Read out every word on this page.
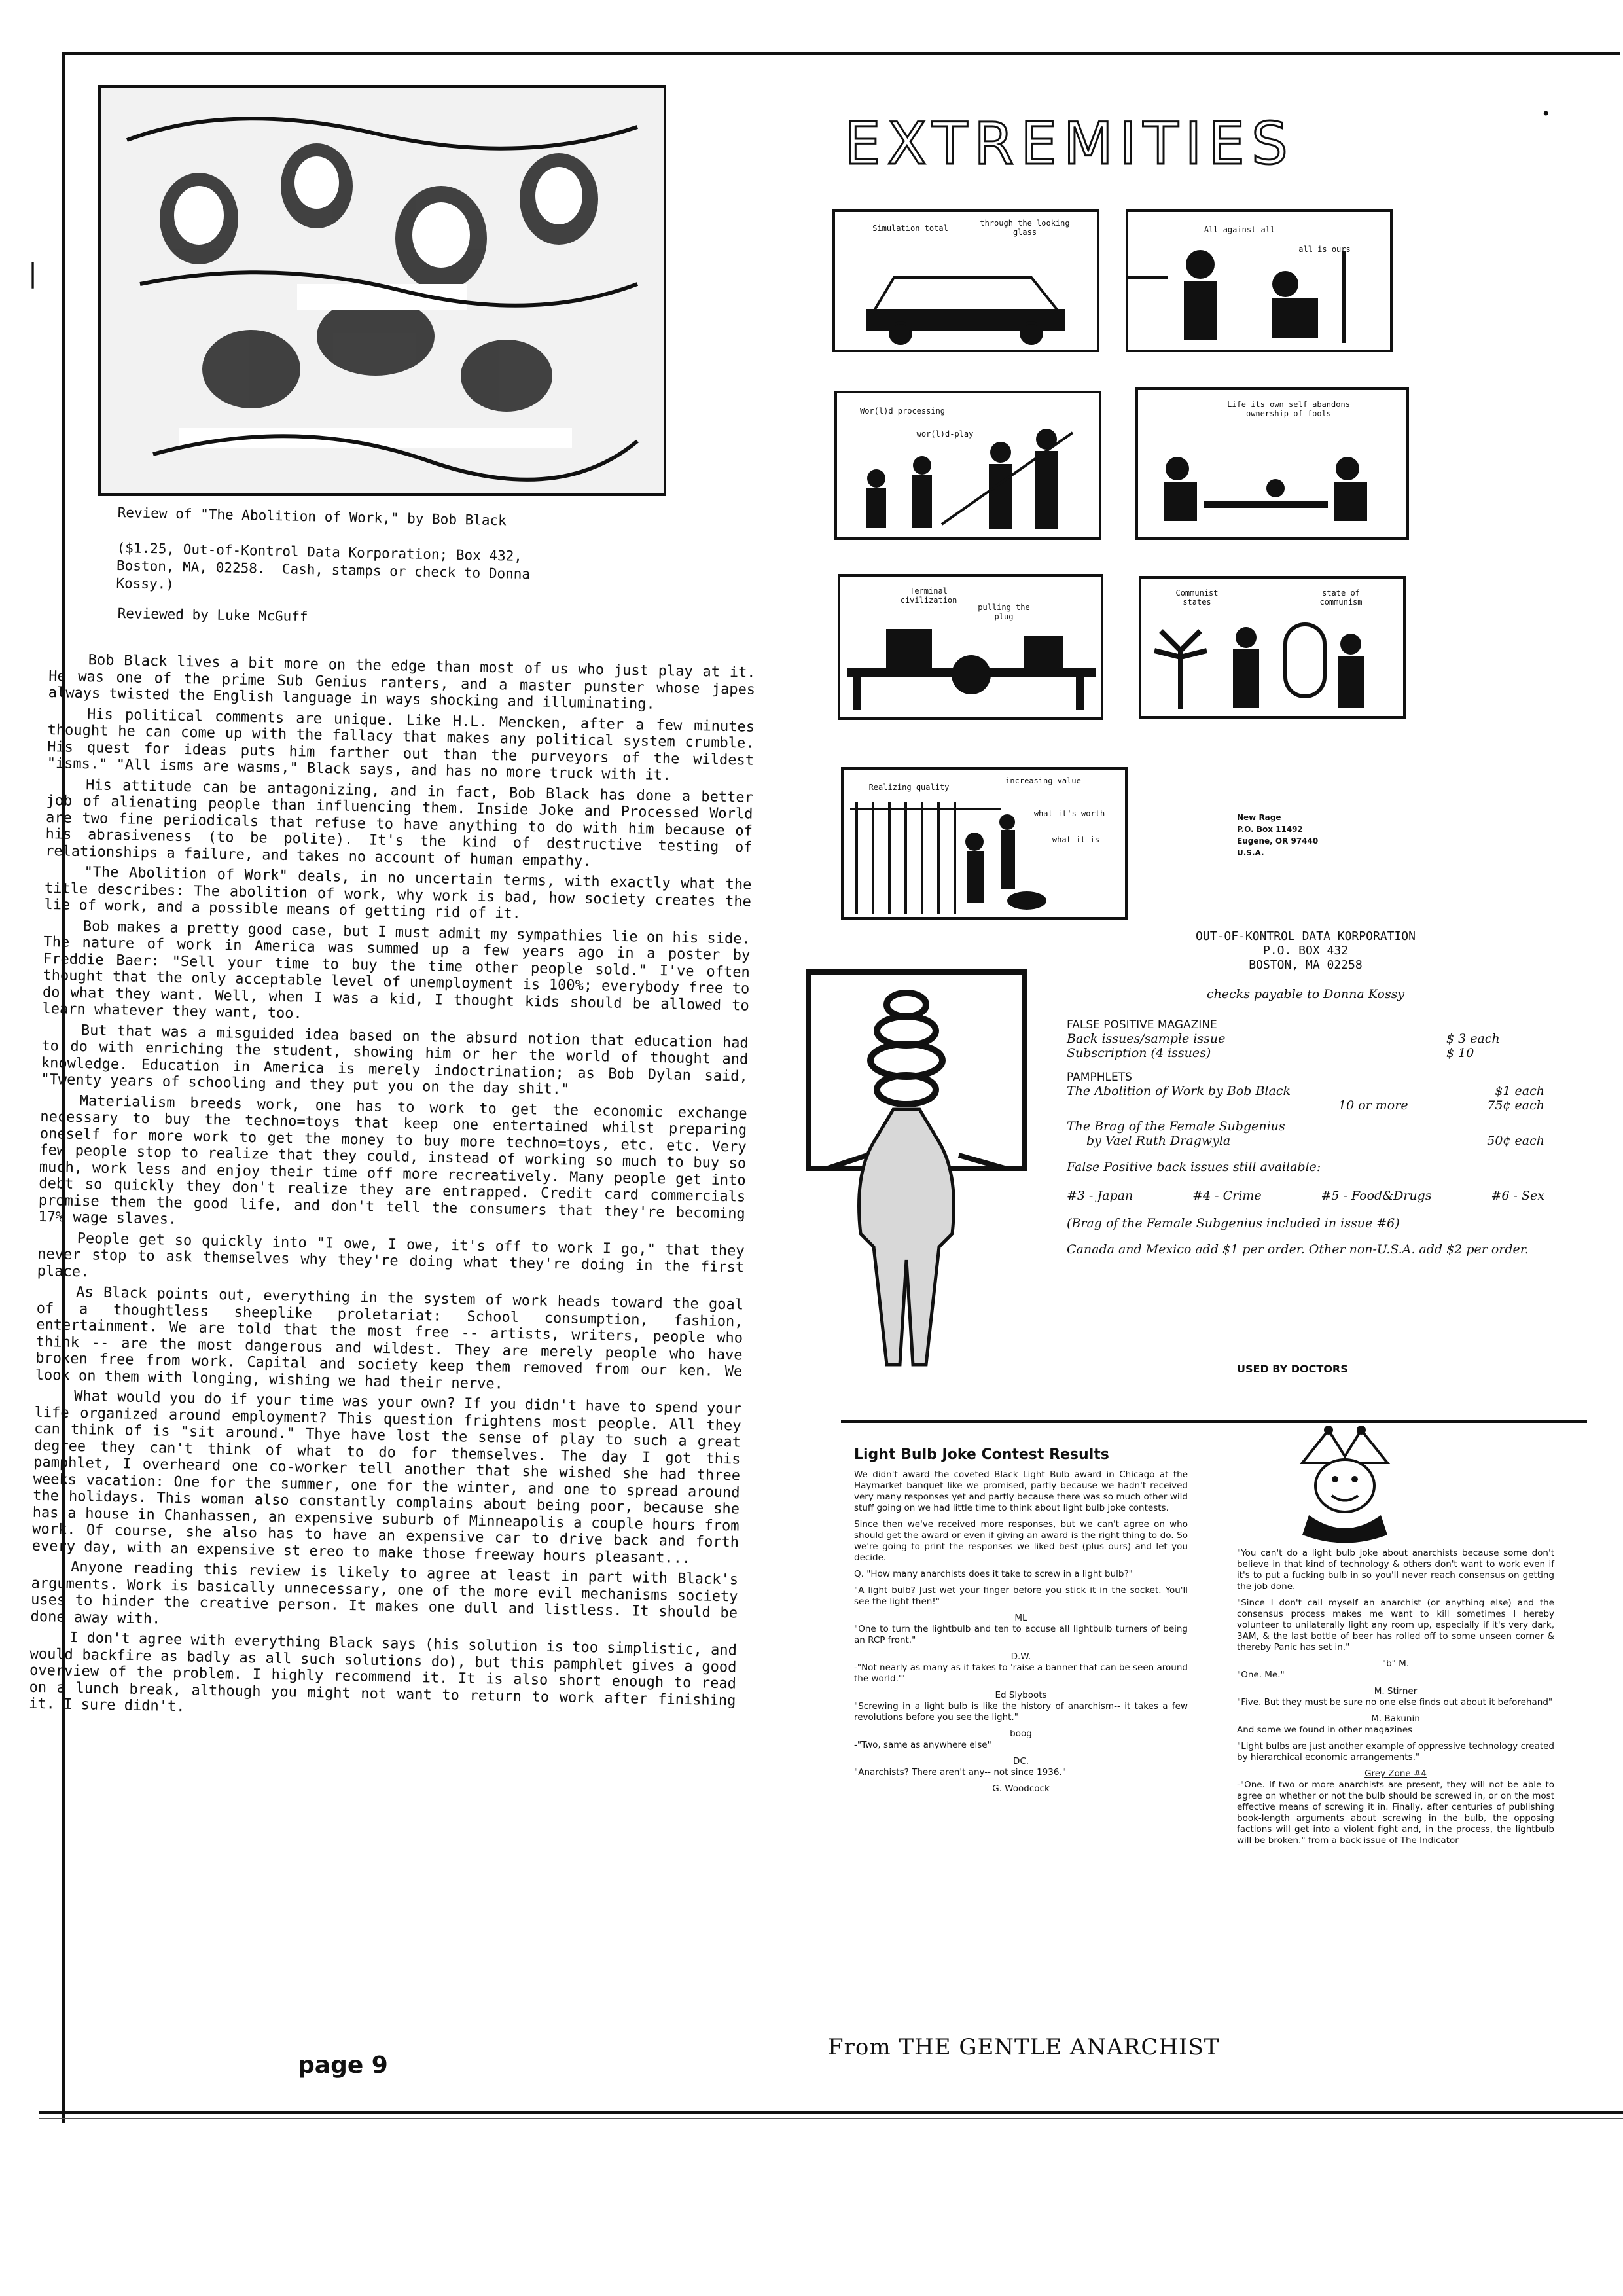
|
•
Review of "The Abolition of Work," by Bob Black

($1.25, Out-of-Kontrol Data Korporation; Box 432,
Boston, MA, 02258.  Cash, stamps or check to Donna
Kossy.)
Reviewed by Luke McGuff

Bob Black lives a bit more on the edge than most of us who just play at it. He was one of the prime Sub Genius ranters, and a master punster whose japes always twisted the English language in ways shocking and illuminating.

His political comments are unique. Like H.L. Mencken, after a few minutes thought he can come up with the fallacy that makes any political system crumble. His quest for ideas puts him farther out than the purveyors of the wildest "isms." "All isms are wasms," Black says, and has no more truck with it.

His attitude can be antagonizing, and in fact, Bob Black has done a better job of alienating people than influencing them. Inside Joke and Processed World are two fine periodicals that refuse to have anything to do with him because of his abrasiveness (to be polite). It's the kind of destructive testing of relationships a failure, and takes no account of human empathy.

"The Abolition of Work" deals, in no uncertain terms, with exactly what the title describes: The abolition of work, why work is bad, how society creates the lie of work, and a possible means of getting rid of it.

Bob makes a pretty good case, but I must admit my sympathies lie on his side. The nature of work in America was summed up a few years ago in a poster by Freddie Baer: "Sell your time to buy the time other people sold." I've often thought that the only acceptable level of unemployment is 100%; everybody free to do what they want. Well, when I was a kid, I thought kids should be allowed to learn whatever they want, too.

But that was a misguided idea based on the absurd notion that education had to do with enriching the student, showing him or her the world of thought and knowledge. Education in America is merely indoctrination; as Bob Dylan said, "Twenty years of schooling and they put you on the day shit."

Materialism breeds work, one has to work to get the economic exchange necessary to buy the techno=toys that keep one entertained whilst preparing oneself for more work to get the money to buy more techno=toys, etc. etc. Very few people stop to realize that they could, instead of working so much to buy so much, work less and enjoy their time off more recreatively. Many people get into debt so quickly they don't realize they are entrapped. Credit card commercials promise them the good life, and don't tell the consumers that they're becoming 17% wage slaves.

People get so quickly into "I owe, I owe, it's off to work I go," that they never stop to ask themselves why they're doing what they're doing in the first place.

As Black points out, everything in the system of work heads toward the goal of a thoughtless sheeplike proletariat: School consumption, fashion, entertainment. We are told that the most free -- artists, writers, people who think -- are the most dangerous and wildest. They are merely people who have broken free from work. Capital and society keep them removed from our ken. We look on them with longing, wishing we had their nerve.

What would you do if your time was your own? If you didn't have to spend your life organized around employment? This question frightens most people. All they can think of is "sit around." Thye have lost the sense of play to such a great degree they can't think of what to do for themselves. The day I got this pamphlet, I overheard one co-worker tell another that she wished she had three weeks vacation: One for the summer, one for the winter, and one to spread around the holidays. This woman also constantly complains about being poor, because she has a house in Chanhassen, an expensive suburb of Minneapolis a couple hours from work. Of course, she also has to have an expensive car to drive back and forth every day, with an expensive st ereo to make those freeway hours pleasant...

Anyone reading this review is likely to agree at least in part with Black's arguments. Work is basically unnecessary, one of the more evil mechanisms society uses to hinder the creative person. It makes one dull and listless. It should be done away with.

I don't agree with everything Black says (his solution is too simplistic, and would backfire as badly as all such solutions do), but this pamphlet gives a good overview of the problem. I highly recommend it. It is also short enough to read on a lunch break, although you might not want to return to work after finishing it. I sure didn't.

page 9
EXTREMITIES
Simulation total
through the looking glass	All against all
all is ours
Wor(l)d processing
wor(l)d-play
Life its own self abandons ownership of fools
Terminal civilization
pulling the plug
Communist states
state of communism
Realizing quality
increasing value
what it's worth
what it is
New Rage
P.O. Box 11492
Eugene, OR 97440
U.S.A.
OUT-OF-KONTROL DATA KORPORATION
P.O. BOX 432
BOSTON, MA 02258
checks payable to Donna Kossy
FALSE POSITIVE MAGAZINE
Back issues/sample issue	$ 3 each
Subscription (4 issues)	$ 10
PAMPHLETS
The Abolition of Work by Bob Black	$1 each
10 or more	75¢ each
The Brag of the Female Subgenius
by Vael Ruth Dragwyla	50¢ each
False Positive back issues still available:
#3 - Japan	#4 - Crime	#5 - Food&Drugs	#6 - Sex
(Brag of the Female Subgenius included in issue #6)
Canada and Mexico add $1 per order. Other non-U.S.A. add $2 per order.
USED BY DOCTORS
Light Bulb Joke Contest Results

We didn't award the coveted Black Light Bulb award in Chicago at the Haymarket banquet like we promised, partly because we hadn't received very many responses yet and partly because there was so much other wild stuff going on we had little time to think about light bulb joke contests.

Since then we've received more responses, but we can't agree on who should get the award or even if giving an award is the right thing to do. So we're going to print the responses we liked best (plus ours) and let you decide.

Q. "How many anarchists does it take to screw in a light bulb?"

"A light bulb? Just wet your finger before you stick it in the socket. You'll see the light then!"

ML

"One to turn the lightbulb and ten to accuse all lightbulb turners of being an RCP front."

D.W.

-"Not nearly as many as it takes to 'raise a banner that can be seen around the world.'"

Ed Slyboots

"Screwing in a light bulb is like the history of anarchism-- it takes a few revolutions before you see the light."

boog

-"Two, same as anywhere else"

DC.

"Anarchists? There aren't any-- not since 1936."

G. Woodcock

"You can't do a light bulb joke about anarchists because some don't believe in that kind of technology & others don't want to work even if it's to put a fucking bulb in so you'll never reach consensus on getting the job done.

"Since I don't call myself an anarchist (or anything else) and the consensus process makes me want to kill sometimes I hereby volunteer to unilaterally light any room up, especially if it's very dark, 3AM, & the last bottle of beer has rolled off to some unseen corner & thereby Panic has set in."

"b" M.

"One. Me."

M. Stirner

"Five. But they must be sure no one else finds out about it beforehand"

M. Bakunin

And some we found in other magazines

"Light bulbs are just another example of oppressive technology created by hierarchical economic arrangements."

Grey Zone #4

-"One. If two or more anarchists are present, they will not be able to agree on whether or not the bulb should be screwed in, or on the most effective means of screwing it in. Finally, after centuries of publishing book-length arguments about screwing in the bulb, the opposing factions will get into a violent fight and, in the process, the lightbulb will be broken." from a back issue of The Indicator

From THE GENTLE ANARCHIST
